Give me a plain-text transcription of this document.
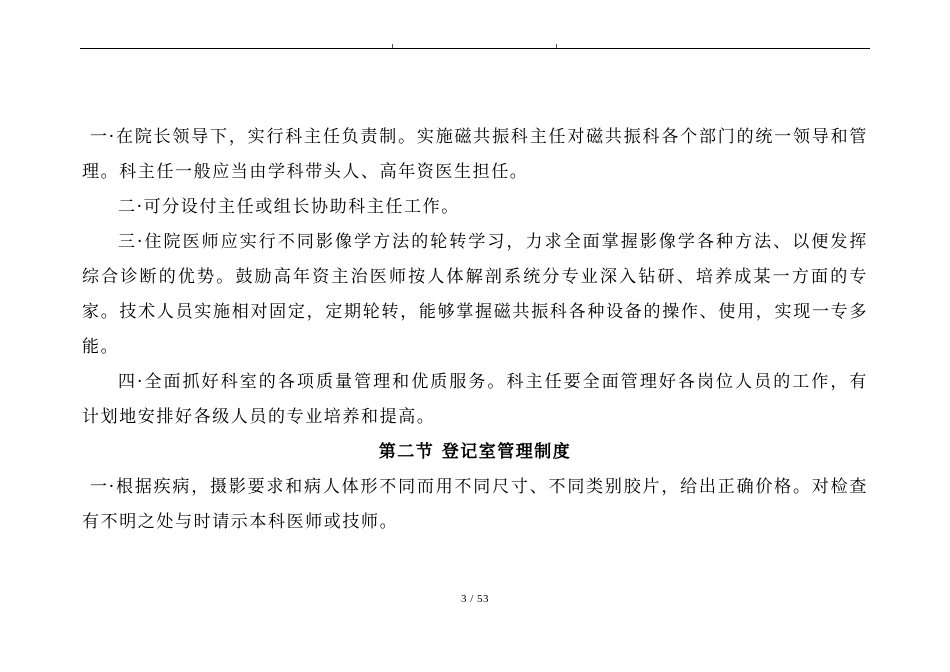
一·在院长领导下，实行科主任负责制。实施磁共振科主任对磁共振科各个部门的统一领导和管理。科主任一般应当由学科带头人、高年资医生担任。

二·可分设付主任或组长协助科主任工作。

三·住院医师应实行不同影像学方法的轮转学习，力求全面掌握影像学各种方法、以便发挥综合诊断的优势。鼓励高年资主治医师按人体解剖系统分专业深入钻研、培养成某一方面的专家。技术人员实施相对固定，定期轮转，能够掌握磁共振科各种设备的操作、使用，实现一专多能。

四·全面抓好科室的各项质量管理和优质服务。科主任要全面管理好各岗位人员的工作，有计划地安排好各级人员的专业培养和提高。

第二节 登记室管理制度

一·根据疾病，摄影要求和病人体形不同而用不同尺寸、不同类别胶片，给出正确价格。对检查有不明之处与时请示本科医师或技师。

3 / 53
